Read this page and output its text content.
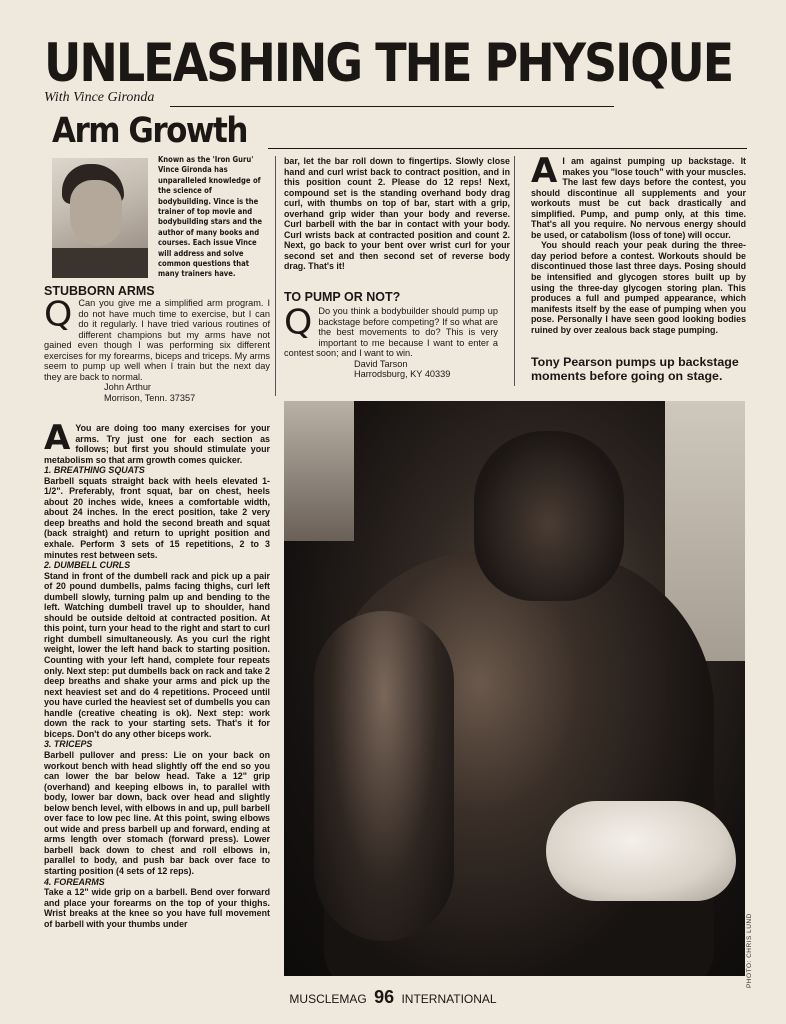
UNLEASHING THE PHYSIQUE
With Vince Gironda
Arm Growth
Known as the 'Iron Guru' Vince Gironda has unparalleled knowledge of the science of bodybuilding. Vince is the trainer of top movie and bodybuilding stars and the author of many books and courses. Each issue Vince will address and solve common questions that many trainers have.
STUBBORN ARMS
Q Can you give me a simplified arm program. I do not have much time to exercise, but I can do it regularly. I have tried various routines of different champions but my arms have not gained even though I was performing six different exercises for my forearms, biceps and triceps. My arms seem to pump up well when I train but the next day they are back to normal.
John Arthur
Morrison, Tenn. 37357
A You are doing too many exercises for your arms. Try just one for each section as follows; but first you should stimulate your metabolism so that arm growth comes quicker.
1. BREATHING SQUATS

Barbell squats straight back with heels elevated 1-1/2". Preferably, front squat, bar on chest, heels about 20 inches wide, knees a comfortable width, about 24 inches. In the erect position, take 2 very deep breaths and hold the second breath and squat (back straight) and return to upright position and exhale. Perform 3 sets of 15 repetitions, 2 to 3 minutes rest between sets.

2. DUMBELL CURLS

Stand in front of the dumbell rack and pick up a pair of 20 pound dumbells, palms facing thighs, curl left dumbell slowly, turning palm up and bending to the left. Watching dumbell travel up to shoulder, hand should be outside deltoid at contracted position. At this point, turn your head to the right and start to curl right dumbell simultaneously. As you curl the right weight, lower the left hand back to starting position. Counting with your left hand, complete four repeats only. Next step: put dumbells back on rack and take 2 deep breaths and shake your arms and pick up the next heaviest set and do 4 repetitions. Proceed until you have curled the heaviest set of dumbells you can handle (creative cheating is ok). Next step: work down the rack to your starting sets. That's it for biceps. Don't do any other biceps work.

3. TRICEPS

Barbell pullover and press: Lie on your back on workout bench with head slightly off the end so you can lower the bar below head. Take a 12" grip (overhand) and keeping elbows in, to parallel with body, lower bar down, back over head and slightly below bench level, with elbows in and up, pull barbell over face to low pec line. At this point, swing elbows out wide and press barbell up and forward, ending at arms length over stomach (forward press). Lower barbell back down to chest and roll elbows in, parallel to body, and push bar back over face to starting position (4 sets of 12 reps).

4. FOREARMS

Take a 12" wide grip on a barbell. Bend over forward and place your forearms on the top of your thighs. Wrist breaks at the knee so you have full movement of barbell with your thumbs under

bar, let the bar roll down to fingertips. Slowly close hand and curl wrist back to contract position, and in this position count 2. Please do 12 reps! Next, compound set is the standing overhand body drag curl, with thumbs on top of bar, start with a grip, overhand grip wider than your body and reverse. Curl barbell with the bar in contact with your body. Curl wrists back at contracted position and count 2. Next, go back to your bent over wrist curl for your second set and then second set of reverse body drag. That's it!

TO PUMP OR NOT?
Q Do you think a bodybuilder should pump up backstage before competing? If so what are the best movements to do? This is very important to me because I want to enter a contest soon; and I want to win.
David Tarson
Harrodsburg, KY 40339
A I am against pumping up backstage. It makes you "lose touch" with your muscles. The last few days before the contest, you should discontinue all supplements and your workouts must be cut back drastically and simplified. Pump, and pump only, at this time. That's all you require. No nervous energy should be used, or catabolism (loss of tone) will occur.

You should reach your peak during the three-day period before a contest. Workouts should be discontinued those last three days. Posing should be intensified and glycogen stores built up by using the three-day glycogen storing plan. This produces a full and pumped appearance, which manifests itself by the ease of pumping when you pose. Personally I have seen good looking bodies ruined by over zealous back stage pumping.

Tony Pearson pumps up backstage moments before going on stage.
PHOTO: CHRIS LUND
MUSCLEMAG 96 INTERNATIONAL
